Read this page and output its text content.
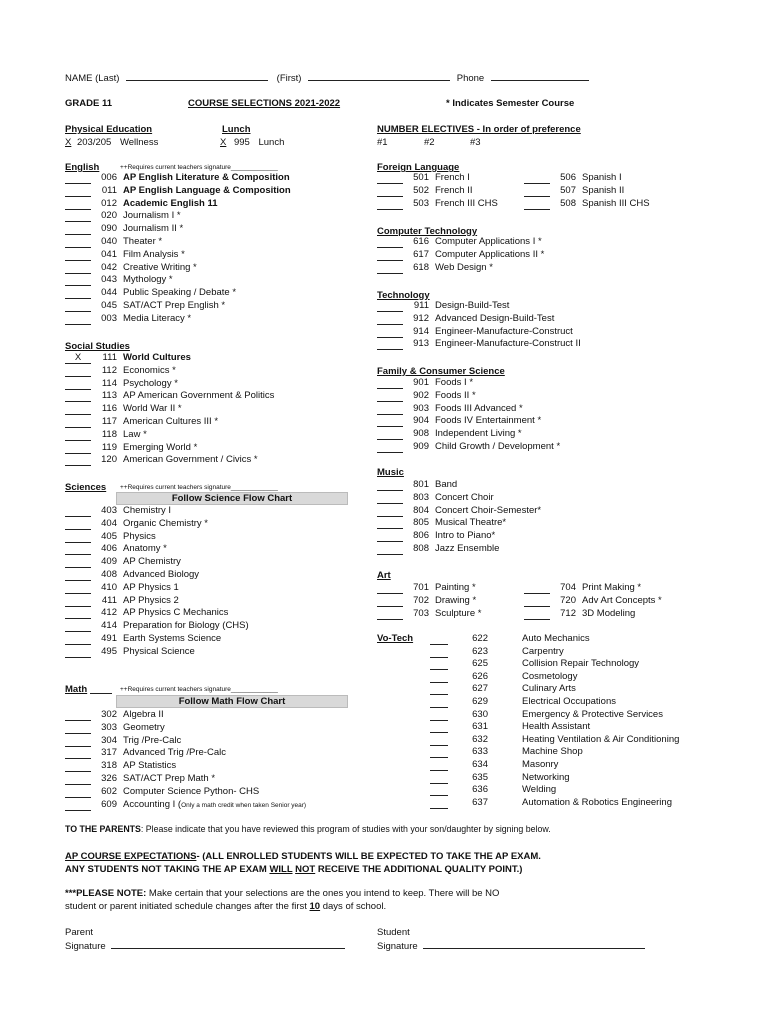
NAME (Last)	(First)	Phone
GRADE 11	COURSE SELECTIONS 2021-2022	* Indicates Semester Course
Physical Education
X 203/205 Wellness
Lunch
X 995 Lunch
NUMBER ELECTIVES - In order of preference
#1	#2	#3
English	++Requires current teachers signature_____________
006 AP English Literature & Composition
011 AP English Language & Composition
012 Academic English 11
020 Journalism I *
090 Journalism II *
040 Theater *
041 Film Analysis *
042 Creative Writing *
043 Mythology *
044 Public Speaking / Debate *
045 SAT/ACT Prep English *
003 Media Literacy *
Social Studies
X 111 World Cultures
112 Economics *
114 Psychology *
113 AP American Government & Politics
116 World War II *
117 American Cultures III *
118 Law *
119 Emerging World *
120 American Government / Civics *
Sciences ++Requires current teachers signature_____________
Follow Science Flow Chart
403 Chemistry I
404 Organic Chemistry *
405 Physics
406 Anatomy *
409 AP Chemistry
408 Advanced Biology
410 AP Physics 1
411 AP Physics 2
412 AP Physics C Mechanics
414 Preparation for Biology (CHS)
491 Earth Systems Science
495 Physical Science
Math	++Requires current teachers signature_____________
Follow Math Flow Chart
302 Algebra II
303 Geometry
304 Trig /Pre-Calc
317 Advanced Trig /Pre-Calc
318 AP Statistics
326 SAT/ACT Prep Math *
602 Computer Science Python- CHS
609 Accounting I (Only a math credit when taken Senior year)
Foreign Language
501 French I
502 French II
503 French III CHS
506 Spanish I
507 Spanish II
508 Spanish III CHS
Computer Technology
616 Computer Applications I *
617 Computer Applications II *
618 Web Design *
Technology
911 Design-Build-Test
912 Advanced Design-Build-Test
914 Engineer-Manufacture-Construct
913 Engineer-Manufacture-Construct II
Family & Consumer Science
901 Foods I *
902 Foods II *
903 Foods III Advanced *
904 Foods IV Entertainment *
908 Independent Living *
909 Child Growth / Development *
Music
801 Band
803 Concert Choir
804 Concert Choir-Semester*
805 Musical Theatre*
806 Intro to Piano*
808 Jazz Ensemble
Art
701 Painting *
702 Drawing *
703 Sculpture *
704 Print Making *
720 Adv Art Concepts *
712 3D Modeling
Vo-Tech	622	Auto Mechanics
623	Carpentry
625	Collision Repair Technology
626	Cosmetology
627	Culinary Arts
629	Electrical Occupations
630	Emergency & Protective Services
631	Health Assistant
632	Heating Ventilation & Air Conditioning
633	Machine Shop
634	Masonry
635	Networking
636	Welding
637	Automation & Robotics Engineering
TO THE PARENTS: Please indicate that you have reviewed this program of studies with your son/daughter by signing below.
AP COURSE EXPECTATIONS- (ALL ENROLLED STUDENTS WILL BE EXPECTED TO TAKE THE AP EXAM.
ANY STUDENTS NOT TAKING THE AP EXAM WILL NOT RECEIVE THE ADDITIONAL QUALITY POINT.)
***PLEASE NOTE: Make certain that your selections are the ones you intend to keep. There will be NO
student or parent initiated schedule changes after the first 10 days of school.
Parent
Signature
Student
Signature
